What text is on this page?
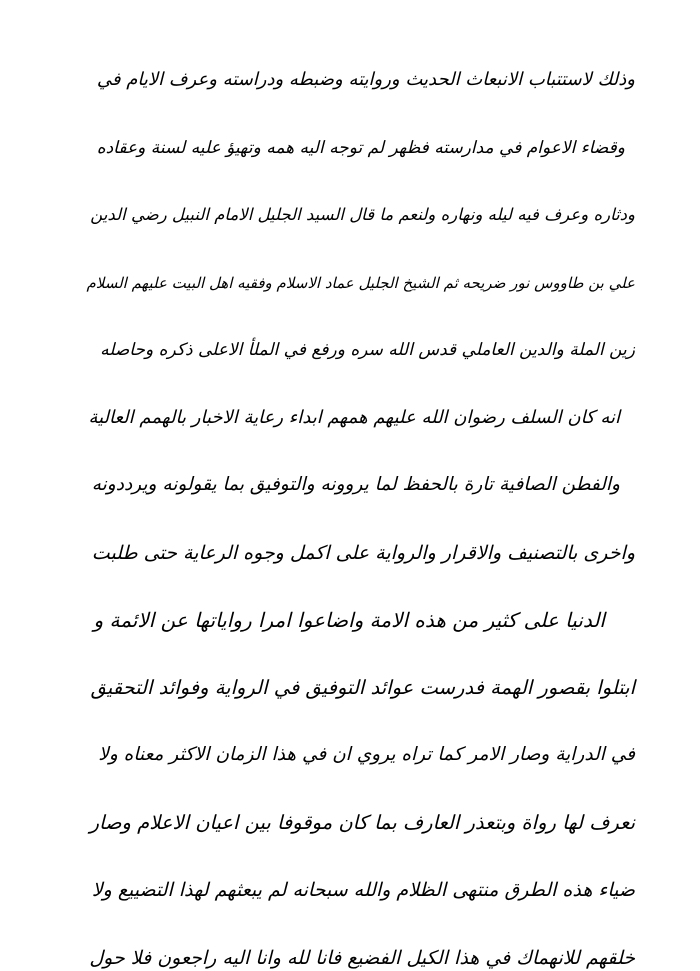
وذلك لاستتباب الانبعاث الحديث وروايته وضبطه ودراسته وعرف الايام في
وقضاء الاعوام في مدارسته فظهر لم توجه اليه همه وتهيؤ عليه لسنة وعقاده
ودثاره وعرف فيه ليله ونهاره ولنعم ما قال السيد الجليل الامام النبيل رضي الدين
علي بن طاووس نور ضريحه ثم الشيخ الجليل عماد الاسلام وفقيه اهل البيت عليهم السلام
زين الملة والدين العاملي قدس الله سره ورفع في الملأ الاعلى ذكره وحاصله
انه كان السلف رضوان الله عليهم همهم ابداء رعاية الاخبار بالهمم العالية
والفطن الصافية تارة بالحفظ لما يروونه والتوفيق بما يقولونه ويرددونه
واخرى بالتصنيف والاقرار والرواية على اكمل وجوه الرعاية حتى طلبت
الدنيا على كثير من هذه الامة واضاعوا امرا رواياتها عن الائمة و
ابتلوا بقصور الهمة فدرست عوائد التوفيق في الرواية وفوائد التحقيق
في الدراية وصار الامر كما تراه يروي ان في هذا الزمان الاكثر معناه ولا
نعرف لها رواة وبتعذر العارف بما كان موقوفا بين اعيان الاعلام وصار
ضياء هذه الطرق منتهى الظلام والله سبحانه لم يبعثهم لهذا التضييع ولا
خلقهم للانهماك في هذا الكيل الفضيع فانا لله وانا اليه راجعون فلا حول
